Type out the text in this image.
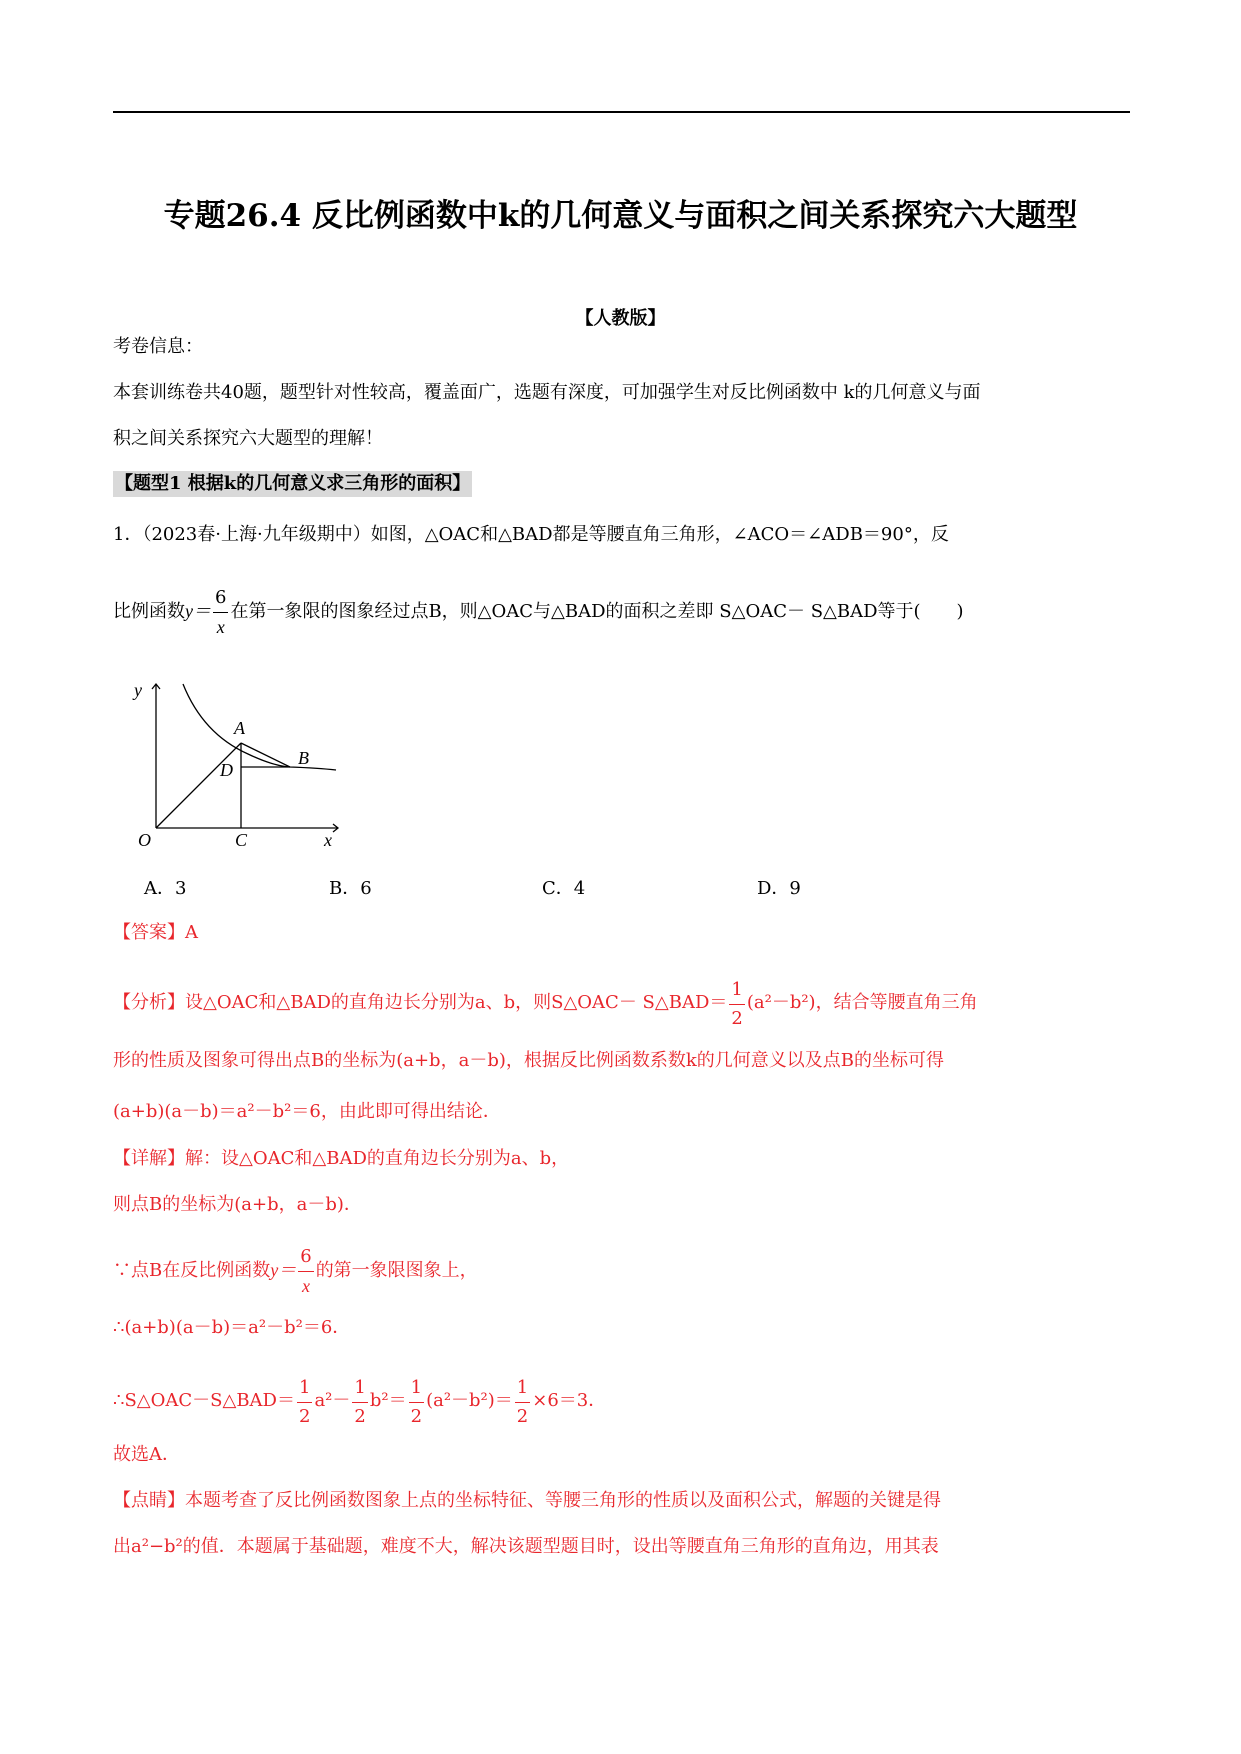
专题26.4 反比例函数中k的几何意义与面积之间关系探究六大题型
【人教版】
考卷信息：
本套训练卷共40题，题型针对性较高，覆盖面广，选题有深度，可加强学生对反比例函数中 k的几何意义与面
积之间关系探究六大题型的理解！
【题型1 根据k的几何意义求三角形的面积】
1．（2023春·上海·九年级期中）如图，△OAC和△BAD都是等腰直角三角形，∠ACO＝∠ADB＝90°，反
比例函数$y= \frac{6}{x}$ 在第一象限的图象经过点B，则△OAC与△BAD的面积之差即 S△OAC－ S△BAD等于(　　)
y
A
B
D
O	C	x
A．3	B．6	C．4	D．9
【答案】A
【分析】设△OAC和△BAD的直角边长分别为a、b，则S△OAC－ S△BAD＝ $\frac{1}{2} (a^2-b^2)$，结合等腰直角三角
形的性质及图象可得出点B的坐标为(a+b，a－b)，根据反比例函数系数k的几何意义以及点B的坐标可得
(a+b)(a－b)＝a²－b²＝6，由此即可得出结论．
【详解】解：设△OAC和△BAD的直角边长分别为a、b，
则点B的坐标为(a+b，a－b)．
∵点B在反比例函数$y= \frac{6}{x}$ 的第一象限图象上，
∴(a+b)(a－b)＝a²－b²＝6．
∴S△OAC－S△BAD＝ $\frac{1}{2} a^2- \frac{1}{2} b^2= \frac{1}{2} (a^2-b^2)= \frac{1}{2} \times 6=3$．
故选A．
【点睛】本题考查了反比例函数图象上点的坐标特征、等腰三角形的性质以及面积公式，解题的关键是得
出a²−b²的值．本题属于基础题，难度不大，解决该题型题目时，设出等腰直角三角形的直角边，用其表
